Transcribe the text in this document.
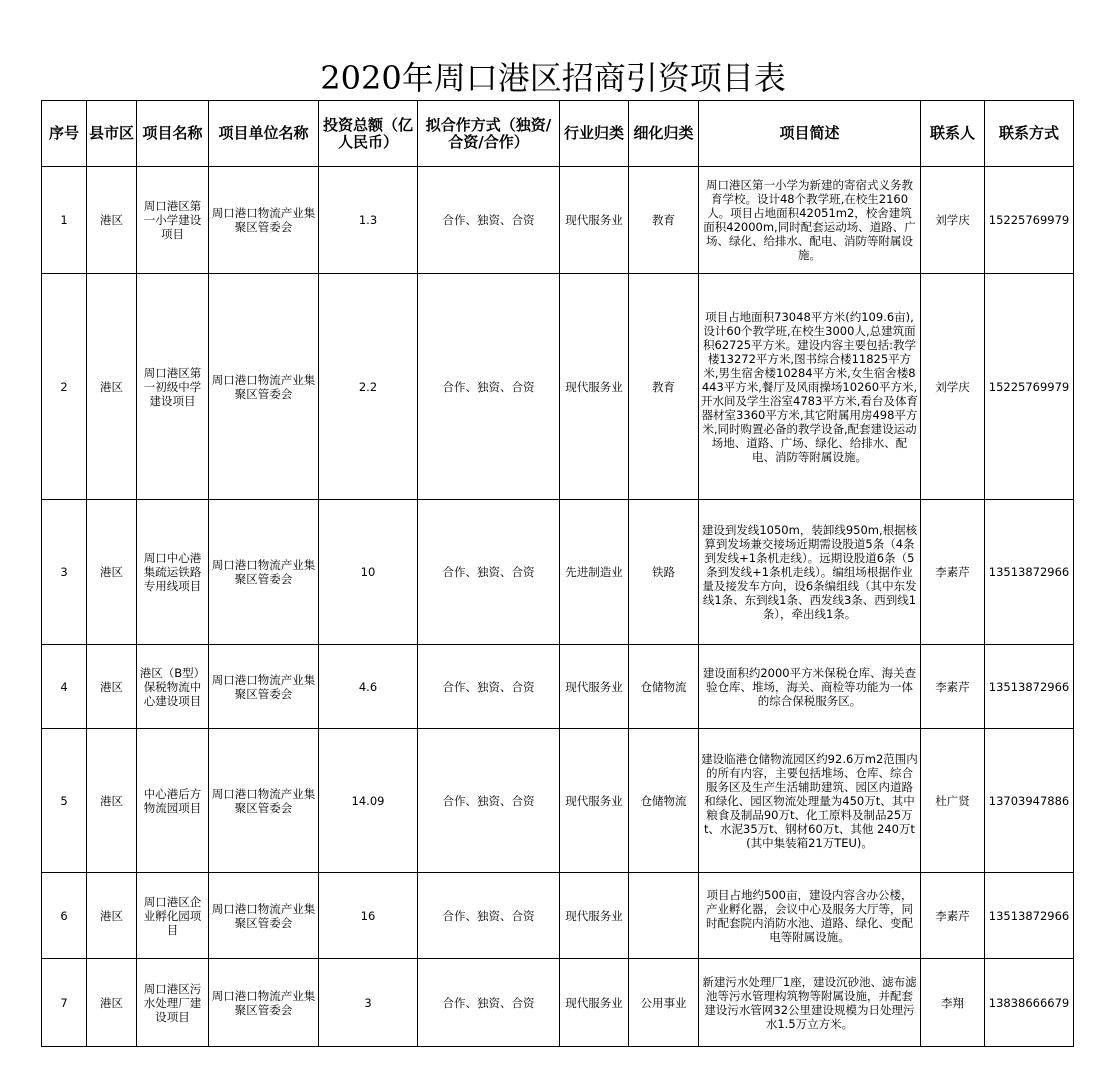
2020年周口港区招商引资项目表
序号	县市区	项目名称	项目单位名称	投资总额（亿人民币）	拟合作方式（独资/合资/合作）	行业归类	细化归类	项目简述	联系人	联系方式
1	港区	周口港区第一小学建设项目	周口港口物流产业集聚区管委会	1.3	合作、独资、合资	现代服务业	教育	周口港区第一小学为新建的寄宿式义务教育学校。设计48个教学班,在校生2160人。项目占地面积42051m2，校舍建筑 面积42000m,同时配套运动场、道路、广场、绿化、给排水、配电、消防等附属设施。	刘学庆	15225769979
2	港区	周口港区第一初级中学建设项目	周口港口物流产业集聚区管委会	2.2	合作、独资、合资	现代服务业	教育	项目占地面积73048平方米(约109.6亩),设计60个教学班,在校生3000人,总建筑面积62725平方米。建设内容主要包括:教学楼13272平方米,图书综合楼11825平方米,男生宿舍楼10284平方米,女生宿舍楼8443平方米,餐厅及风雨操场10260平方米,开水间及学生浴室4783平方米,看台及体育器材室3360平方米,其它附属用房498平方米,同时购置必备的教学设备,配套建设运动场地、道路、广场、绿化、给排水、配电、消防等附属设施。	刘学庆	15225769979
3	港区	周口中心港集疏运铁路专用线项目	周口港口物流产业集聚区管委会	10	合作、独资、合资	先进制造业	铁路	建设到发线1050m，装卸线950m,根据核算到发场兼交接场近期需设股道5条（4条到发线+1条机走线）。远期设股道6条（5条到发线+1条机走线）。编组场根据作业量及接发车方向，设6条编组线（其中东发线1条、东到线1条、西发线3条、西到线1条），牵出线1条。	李素芹	13513872966
4	港区	港区（B型）保税物流中心建设项目	周口港口物流产业集聚区管委会	4.6	合作、独资、合资	现代服务业	仓储物流	建设面积约2000平方米保税仓库、海关查验仓库、堆场，海关、商检等功能为一体的综合保税服务区。	李素芹	13513872966
5	港区	中心港后方物流园项目	周口港口物流产业集聚区管委会	14.09	合作、独资、合资	现代服务业	仓储物流	建设临港仓储物流园区约92.6万m2范围内的所有内容，主要包括堆场、仓库、综合服务区及生产生活辅助建筑、园区内道路和绿化、园区物流处理量为450万t、其中粮食及制品90万t、化工原料及制品25万t、水泥35万t、钢材60万t、其他 240万t(其中集装箱21万TEU)。	杜广贤	13703947886
6	港区	周口港区企业孵化园项目	周口港口物流产业集聚区管委会	16	合作、独资、合资	现代服务业		项目占地约500亩，建设内容含办公楼，产业孵化器，会议中心及服务大厅等，同时配套院内消防水池、道路、绿化、变配电等附属设施。	李素芹	13513872966
7	港区	周口港区污水处理厂建设项目	周口港口物流产业集聚区管委会	3	合作、独资、合资	现代服务业	公用事业	新建污水处理厂1座，建设沉砂池、滤布滤池等污水管理构筑物等附属设施，并配套建设污水管网32公里建设规模为日处理污水1.5万立方米。	李翔	13838666679
